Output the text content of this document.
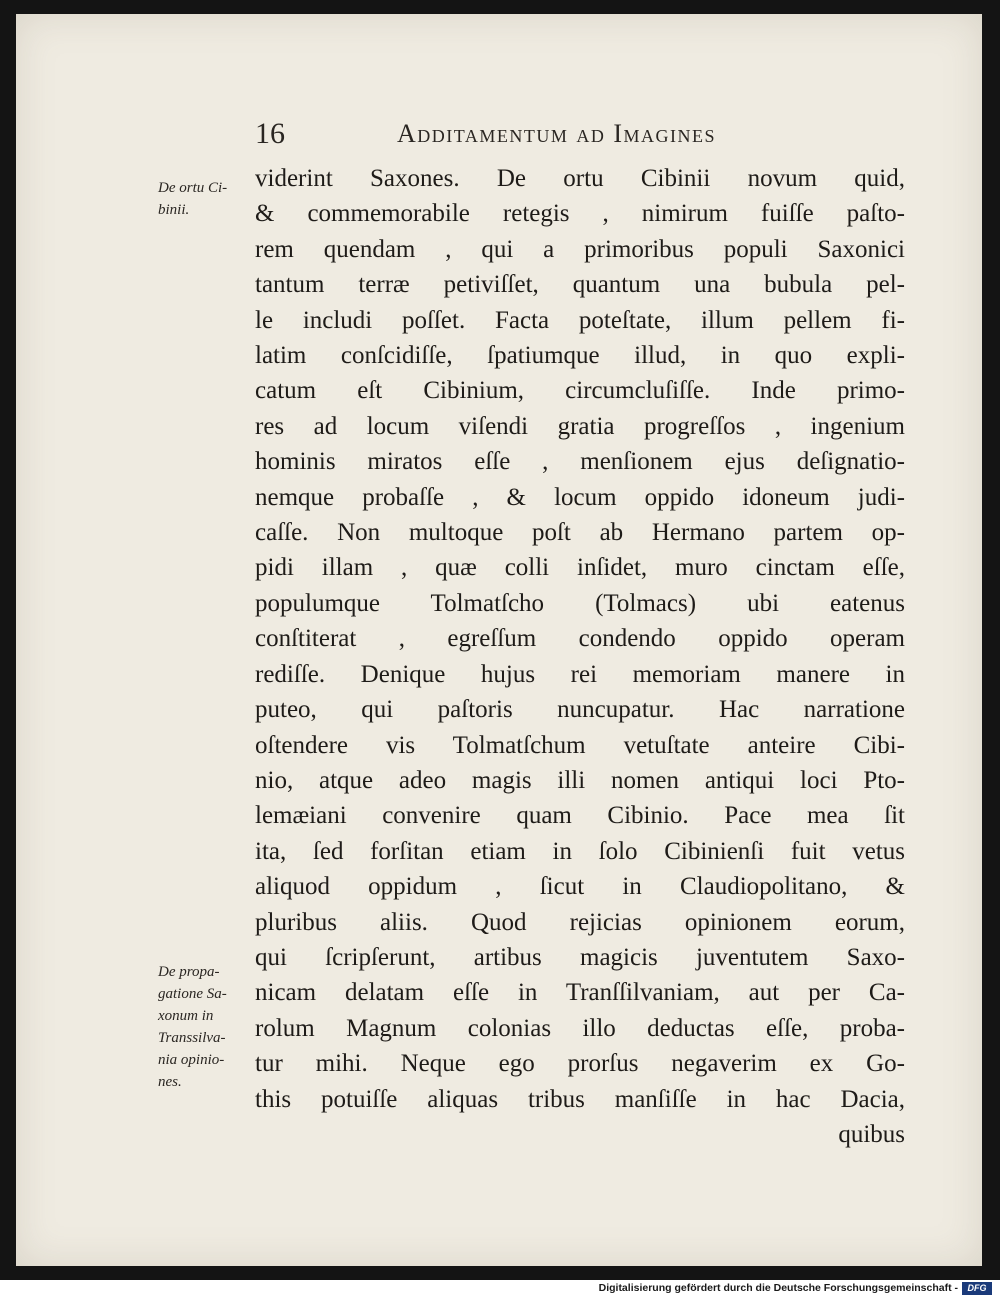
16	Additamentum ad Imagines
De ortu Ci-
binii.
De propa-
gatione Sa-
xonum in
Transsilva-
nia opinio-
nes.
viderint Saxones. De ortu Cibinii novum quid,
& commemorabile retegis , nimirum fuiſſe paſto-
rem quendam , qui a primoribus populi Saxonici
tantum terræ petiviſſet, quantum una bubula pel-
le includi poſſet. Facta poteſtate, illum pellem fi-
latim conſcidiſſe, ſpatiumque illud, in quo expli-
catum eſt Cibinium, circumcluſiſſe. Inde primo-
res ad locum viſendi gratia progreſſos , ingenium
hominis miratos eſſe , menſionem ejus deſignatio-
nemque probaſſe , & locum oppido idoneum judi-
caſſe. Non multoque poſt ab Hermano partem op-
pidi illam , quæ colli inſidet, muro cinctam eſſe,
populumque Tolmatſcho (Tolmacs) ubi eatenus
conſtiterat , egreſſum condendo oppido operam
rediſſe. Denique hujus rei memoriam manere in
puteo, qui paſtoris nuncupatur. Hac narratione
oſtendere vis Tolmatſchum vetuſtate anteire Cibi-
nio, atque adeo magis illi nomen antiqui loci Pto-
lemæiani convenire quam Cibinio. Pace mea ſit
ita, ſed forſitan etiam in ſolo Cibinienſi fuit vetus
aliquod oppidum , ſicut in Claudiopolitano, &
pluribus aliis. Quod rejicias opinionem eorum,
qui ſcripſerunt, artibus magicis juventutem Saxo-
nicam delatam eſſe in Tranſſilvaniam, aut per Ca-
rolum Magnum colonias illo deductas eſſe, proba-
tur mihi. Neque ego prorſus negaverim ex Go-
this potuiſſe aliquas tribus manſiſſe in hac Dacia,
quibus
Digitalisierung gefördert durch die Deutsche Forschungsgemeinschaft -	DFG
